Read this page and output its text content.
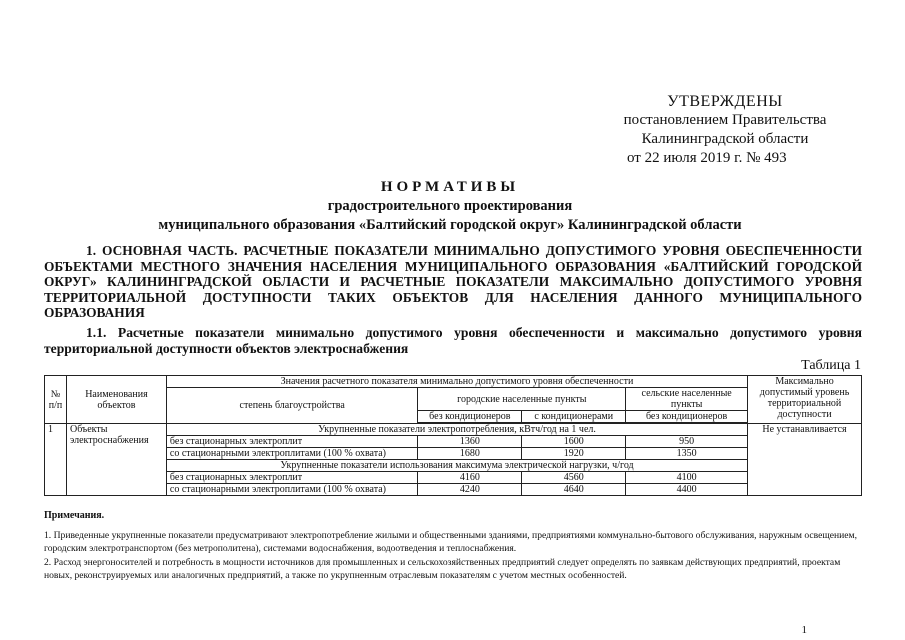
УТВЕРЖДЕНЫ
постановлением Правительства
Калининградской области
от 22 июля 2019 г. № 493
НОРМАТИВЫ
градостроительного проектирования
муниципального образования «Балтийский городской округ» Калининградской области

1. ОСНОВНАЯ ЧАСТЬ. РАСЧЕТНЫЕ ПОКАЗАТЕЛИ МИНИМАЛЬНО ДОПУСТИМОГО УРОВНЯ ОБЕСПЕЧЕННОСТИ ОБЪЕКТАМИ МЕСТНОГО ЗНАЧЕНИЯ НАСЕЛЕНИЯ МУНИЦИПАЛЬНОГО ОБРАЗОВАНИЯ «БАЛТИЙСКИЙ ГОРОДСКОЙ ОКРУГ» КАЛИНИНГРАДСКОЙ ОБЛАСТИ И РАСЧЕТНЫЕ ПОКАЗАТЕЛИ МАКСИМАЛЬНО ДОПУСТИМОГО УРОВНЯ ТЕРРИТОРИАЛЬНОЙ ДОСТУПНОСТИ ТАКИХ ОБЪЕКТОВ ДЛЯ НАСЕЛЕНИЯ ДАННОГО МУНИЦИПАЛЬНОГО ОБРАЗОВАНИЯ

1.1. Расчетные показатели минимально допустимого уровня обеспеченности и максимально допустимого уровня территориальной доступности объектов электроснабжения

Таблица 1
№ п/п	Наименования объектов	Значения расчетного показателя минимально допустимого уровня обеспеченности				Максимально допустимый уровень территориальной доступности
		степень благоустройства	городские населенные пункты		сельские населенные пункты	
			без кондиционеров	с кондиционерами	без кондиционеров	

1	Объекты электроснабжения	Укрупненные показатели электропотребления, кВтч/год на 1 чел.				Не устанавливается
		без стационарных электроплит	1360	1600	950	
		со стационарными электроплитами (100 % охвата)	1680	1920	1350	
		Укрупненные показатели использования максимума электрической нагрузки, ч/год				
		без стационарных электроплит	4160	4560	4100	
		со стационарными электроплитами (100 % охвата)	4240	4640	4400	
Примечания.

1. Приведенные укрупненные показатели предусматривают электропотребление жилыми и общественными зданиями, предприятиями коммунально-бытового обслуживания, наружным освещением, городским электротранспортом (без метрополитена), системами водоснабжения, водоотведения и теплоснабжения.

2. Расход энергоносителей и потребность в мощности источников для промышленных и сельскохозяйственных предприятий следует определять по заявкам действующих предприятий, проектам новых, реконструируемых или аналогичных предприятий, а также по укрупненным отраслевым показателям с учетом местных особенностей.

1
